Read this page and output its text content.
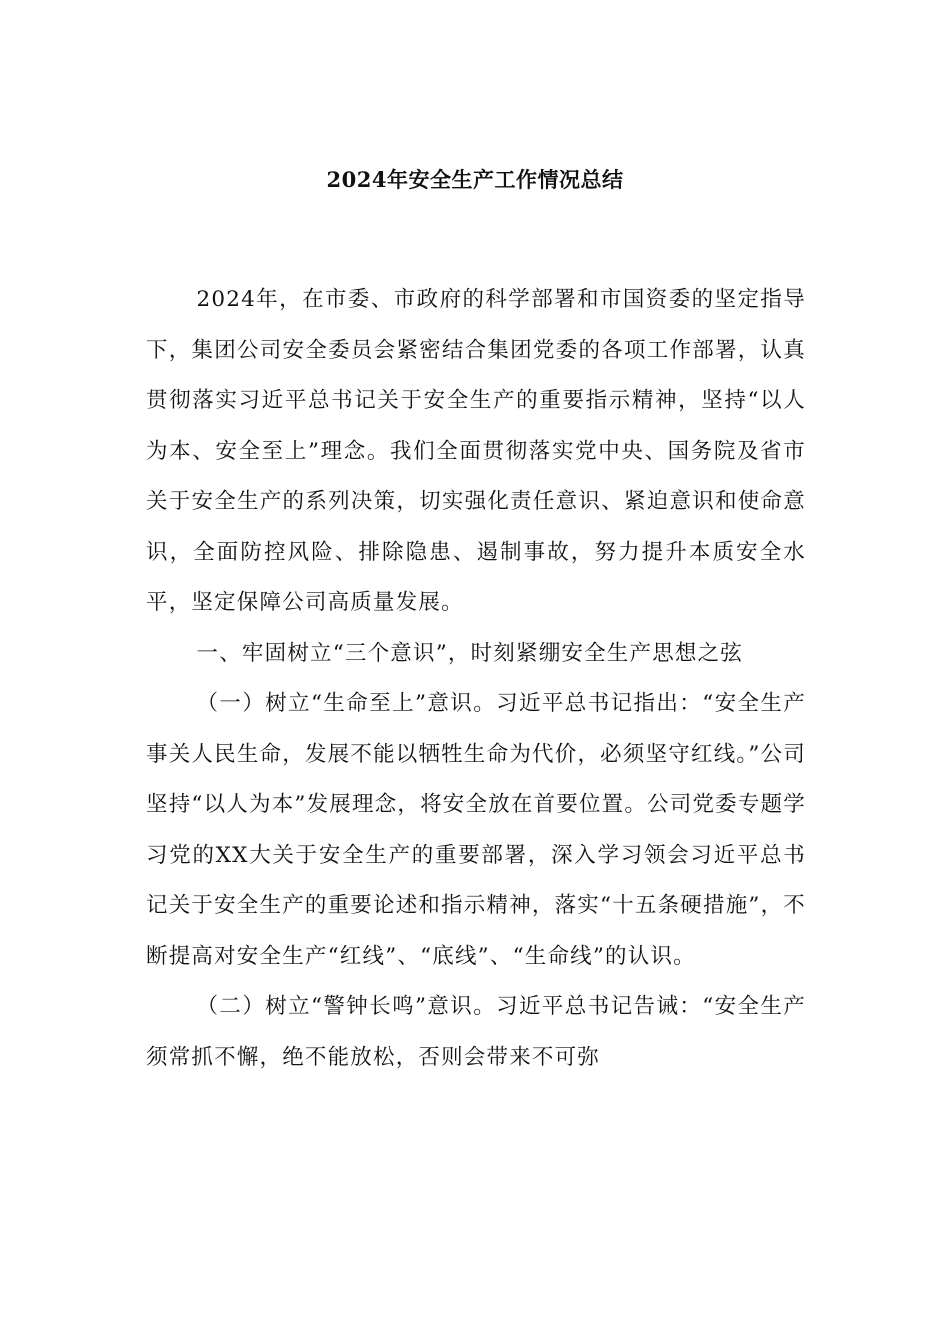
2024年安全生产工作情况总结

2024年，在市委、市政府的科学部署和市国资委的坚定指导下，集团公司安全委员会紧密结合集团党委的各项工作部署，认真贯彻落实习近平总书记关于安全生产的重要指示精神，坚持“以人为本、安全至上”理念。我们全面贯彻落实党中央、国务院及省市关于安全生产的系列决策，切实强化责任意识、紧迫意识和使命意识，全面防控风险、排除隐患、遏制事故，努力提升本质安全水平，坚定保障公司高质量发展。

一、牢固树立“三个意识”，时刻紧绷安全生产思想之弦

（一）树立“生命至上”意识。习近平总书记指出：“安全生产事关人民生命，发展不能以牺牲生命为代价，必须坚守红线。”公司坚持“以人为本”发展理念，将安全放在首要位置。公司党委专题学习党的XX大关于安全生产的重要部署，深入学习领会习近平总书记关于安全生产的重要论述和指示精神，落实“十五条硬措施”，不断提高对安全生产“红线”、“底线”、“生命线”的认识。

（二）树立“警钟长鸣”意识。习近平总书记告诫：“安全生产须常抓不懈，绝不能放松，否则会带来不可弥
